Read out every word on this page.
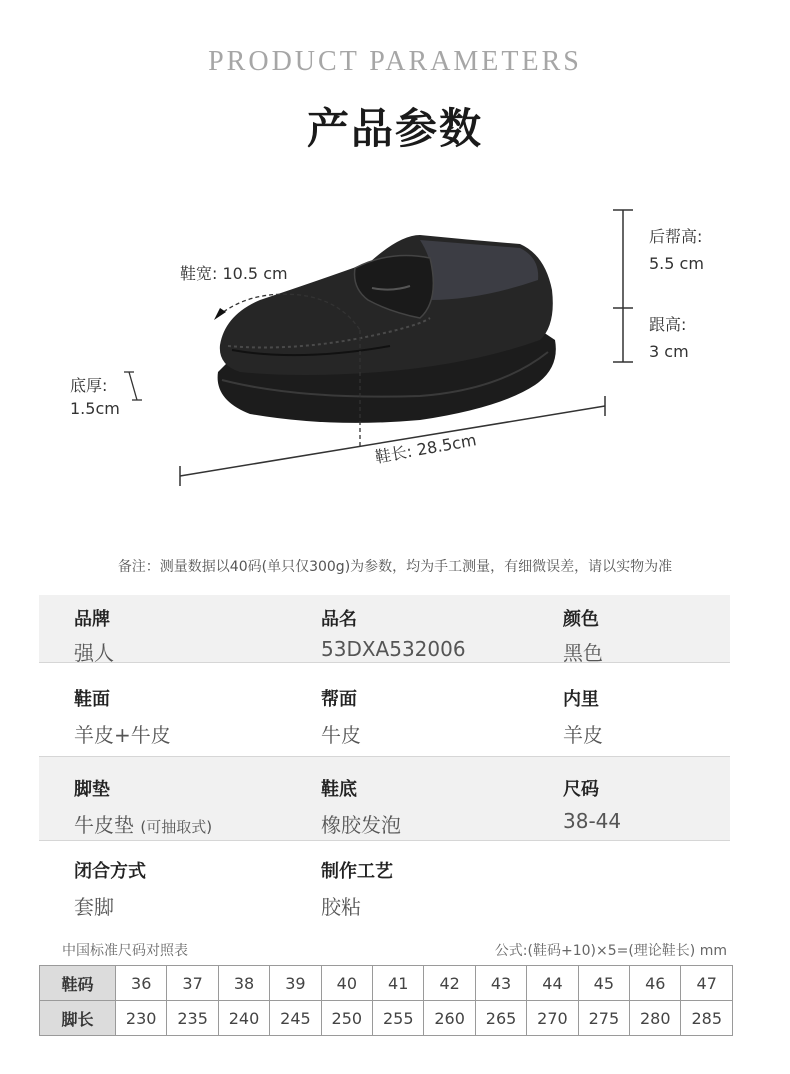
PRODUCT PARAMETERS
产品参数
鞋宽: 10.5 cm
后帮高:
5.5 cm
跟高:
3 cm
底厚:
1.5cm
鞋长: 28.5cm
备注：测量数据以40码(单只仅300g)为参数，均为手工测量，有细微误差，请以实物为准
品牌
强人
品名
53DXA532006
颜色
黑色
鞋面
羊皮+牛皮
帮面
牛皮
内里
羊皮
脚垫
牛皮垫 (可抽取式)
鞋底
橡胶发泡
尺码
38-44
闭合方式
套脚
制作工艺
胶粘
中国标准尺码对照表	公式:(鞋码+10)×5=(理论鞋长) mm
鞋码	36	37	38	39	40	41	42	43	44	45	46	47
脚长	230	235	240	245	250	255	260	265	270	275	280	285
